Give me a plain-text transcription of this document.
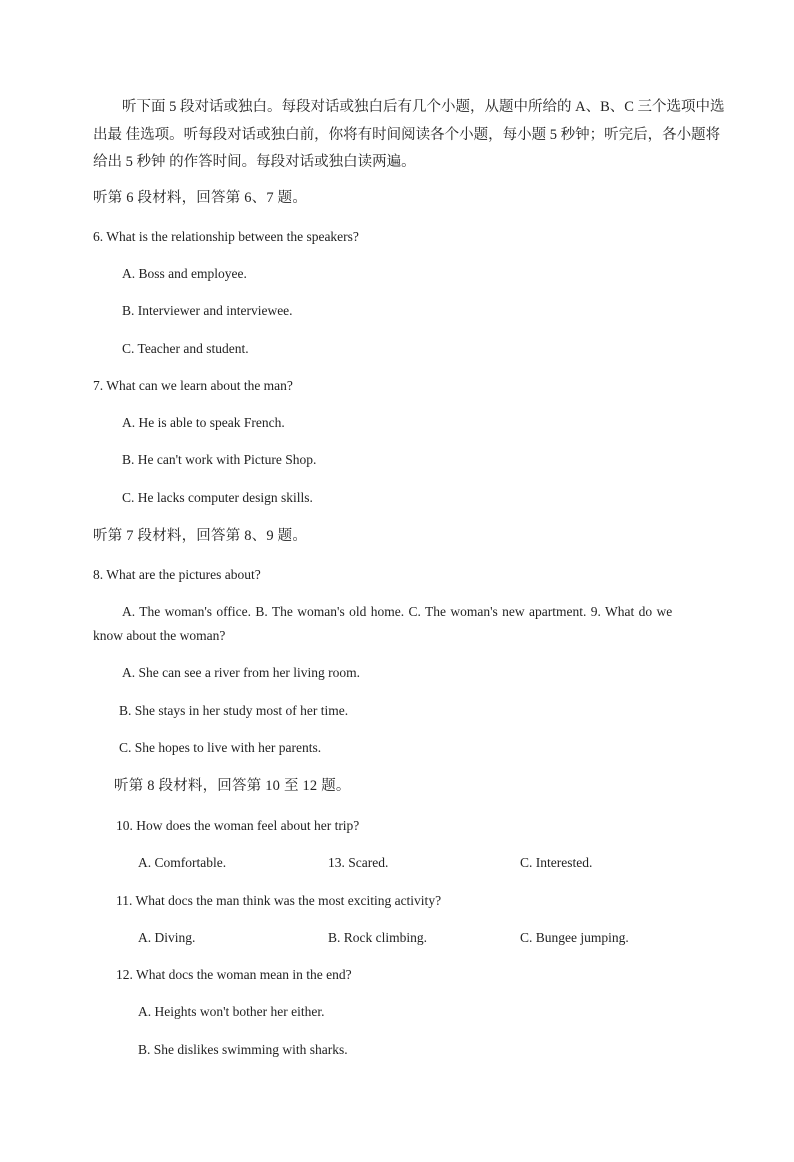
听下面 5 段对话或独白。每段对话或独白后有几个小题，从题中所给的 A、B、C 三个选项中选
出最 佳选项。听每段对话或独白前，你将有时间阅读各个小题，每小题 5 秒钟；听完后，各小题将
给出 5 秒钟 的作答时间。每段对话或独白读两遍。
听第 6 段材料，回答第 6、7 题。
6. What is the relationship between the speakers?
A. Boss and employee.
B. Interviewer and interviewee.
C. Teacher and student.
7. What can we learn about the man?
A. He is able to speak French.
B. He can't work with Picture Shop.
C. He lacks computer design skills.
听第 7 段材料，回答第 8、9 题。
8. What are the pictures about?
A. The woman's office. B. The woman's old home. C. The woman's new apartment. 9. What do we
know about the woman?
A. She can see a river from her living room.
B. She stays in her study most of her time.
C. She hopes to live with her parents.
听第 8 段材料，回答第 10 至 12 题。
10. How does the woman feel about her trip?
A. Comfortable.	13. Scared.	C. Interested.
11. What docs the man think was the most exciting activity?
A. Diving.	B. Rock climbing.	C. Bungee jumping.
12. What docs the woman mean in the end?
A. Heights won't bother her either.
B. She dislikes swimming with sharks.
